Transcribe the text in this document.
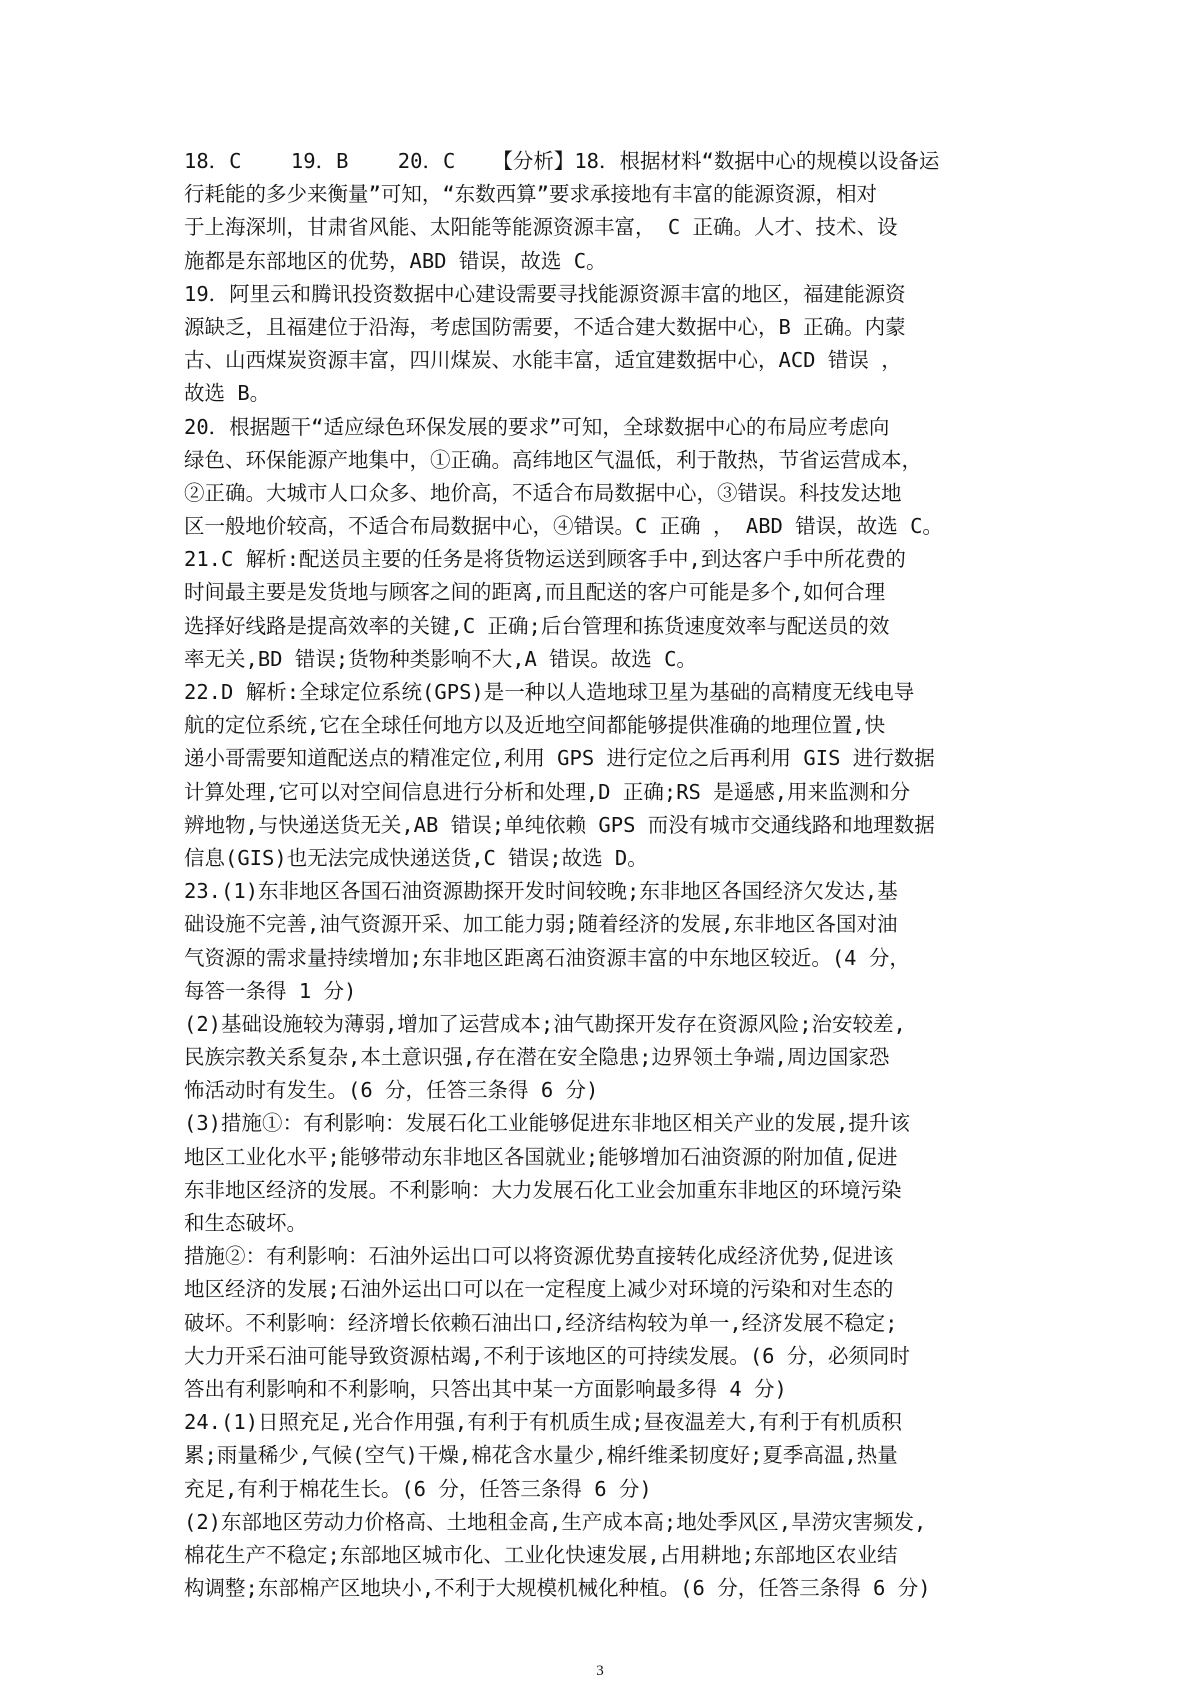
18．C    19．B    20．C   【分析】18．根据材料“数据中心的规模以设备运
行耗能的多少来衡量”可知，“东数西算”要求承接地有丰富的能源资源，相对
于上海深圳，甘肃省风能、太阳能等能源资源丰富， C 正确。人才、技术、设
施都是东部地区的优势，ABD 错误，故选 C。
19．阿里云和腾讯投资数据中心建设需要寻找能源资源丰富的地区，福建能源资
源缺乏，且福建位于沿海，考虑国防需要，不适合建大数据中心，B 正确。内蒙
古、山西煤炭资源丰富，四川煤炭、水能丰富，适宜建数据中心，ACD 错误 ，
故选 B。
20．根据题干“适应绿色环保发展的要求”可知，全球数据中心的布局应考虑向
绿色、环保能源产地集中，①正确。高纬地区气温低，利于散热，节省运营成本，
②正确。大城市人口众多、地价高，不适合布局数据中心，③错误。科技发达地
区一般地价较高，不适合布局数据中心，④错误。C 正确 ， ABD 错误，故选 C。
21.C 解析:配送员主要的任务是将货物运送到顾客手中,到达客户手中所花费的
时间最主要是发货地与顾客之间的距离,而且配送的客户可能是多个,如何合理
选择好线路是提高效率的关键,C 正确;后台管理和拣货速度效率与配送员的效
率无关,BD 错误;货物种类影响不大,A 错误。故选 C。
22.D 解析:全球定位系统(GPS)是一种以人造地球卫星为基础的高精度无线电导
航的定位系统,它在全球任何地方以及近地空间都能够提供准确的地理位置,快
递小哥需要知道配送点的精准定位,利用 GPS 进行定位之后再利用 GIS 进行数据
计算处理,它可以对空间信息进行分析和处理,D 正确;RS 是遥感,用来监测和分
辨地物,与快递送货无关,AB 错误;单纯依赖 GPS 而没有城市交通线路和地理数据
信息(GIS)也无法完成快递送货,C 错误;故选 D。
23.(1)东非地区各国石油资源勘探开发时间较晚;东非地区各国经济欠发达,基
础设施不完善,油气资源开采、加工能力弱;随着经济的发展,东非地区各国对油
气资源的需求量持续增加;东非地区距离石油资源丰富的中东地区较近。(4 分，
每答一条得 1 分)
(2)基础设施较为薄弱,增加了运营成本;油气勘探开发存在资源风险;治安较差,
民族宗教关系复杂,本土意识强,存在潜在安全隐患;边界领土争端,周边国家恐
怖活动时有发生。(6 分，任答三条得 6 分)
(3)措施①：有利影响：发展石化工业能够促进东非地区相关产业的发展,提升该
地区工业化水平;能够带动东非地区各国就业;能够增加石油资源的附加值,促进
东非地区经济的发展。不利影响：大力发展石化工业会加重东非地区的环境污染
和生态破坏。
措施②：有利影响：石油外运出口可以将资源优势直接转化成经济优势,促进该
地区经济的发展;石油外运出口可以在一定程度上减少对环境的污染和对生态的
破坏。不利影响：经济增长依赖石油出口,经济结构较为单一,经济发展不稳定;
大力开采石油可能导致资源枯竭,不利于该地区的可持续发展。(6 分，必须同时
答出有利影响和不利影响，只答出其中某一方面影响最多得 4 分)
24.(1)日照充足,光合作用强,有利于有机质生成;昼夜温差大,有利于有机质积
累;雨量稀少,气候(空气)干燥,棉花含水量少,棉纤维柔韧度好;夏季高温,热量
充足,有利于棉花生长。(6 分，任答三条得 6 分)
(2)东部地区劳动力价格高、土地租金高,生产成本高;地处季风区,旱涝灾害频发,
棉花生产不稳定;东部地区城市化、工业化快速发展,占用耕地;东部地区农业结
构调整;东部棉产区地块小,不利于大规模机械化种植。(6 分，任答三条得 6 分)
3
